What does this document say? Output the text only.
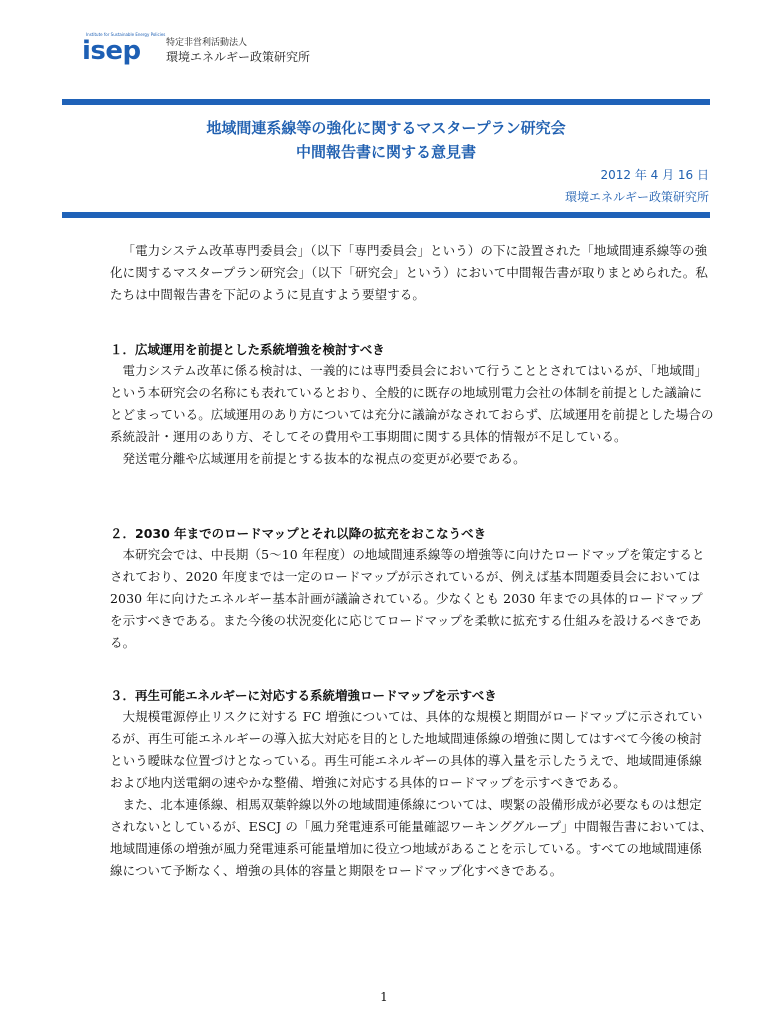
Institute for Sustainable Energy Policies
isep	特定非営利活動法人
環境エネルギー政策研究所
地域間連系線等の強化に関するマスタープラン研究会
中間報告書に関する意見書
2012 年 4 月 16 日
環境エネルギー政策研究所

「電力システム改革専門委員会」（以下「専門委員会」という）の下に設置された「地域間連系線等の強化に関するマスタープラン研究会」（以下「研究会」という）において中間報告書が取りまとめられた。私たちは中間報告書を下記のように見直すよう要望する。

１．広域運用を前提とした系統増強を検討すべき

電力システム改革に係る検討は、一義的には専門委員会において行うこととされてはいるが、「地域間」という本研究会の名称にも表れているとおり、全般的に既存の地域別電力会社の体制を前提とした議論にとどまっている。広域運用のあり方については充分に議論がなされておらず、広域運用を前提とした場合の系統設計・運用のあり方、そしてその費用や工事期間に関する具体的情報が不足している。

発送電分離や広域運用を前提とする抜本的な視点の変更が必要である。

２．2030 年までのロードマップとそれ以降の拡充をおこなうべき

本研究会では、中長期（5～10 年程度）の地域間連系線等の増強等に向けたロードマップを策定するとされており、2020 年度までは一定のロードマップが示されているが、例えば基本問題委員会においては 2030 年に向けたエネルギー基本計画が議論されている。少なくとも 2030 年までの具体的ロードマップを示すべきである。また今後の状況変化に応じてロードマップを柔軟に拡充する仕組みを設けるべきである。

３．再生可能エネルギーに対応する系統増強ロードマップを示すべき

大規模電源停止リスクに対する FC 増強については、具体的な規模と期間がロードマップに示されているが、再生可能エネルギーの導入拡大対応を目的とした地域間連係線の増強に関してはすべて今後の検討という曖昧な位置づけとなっている。再生可能エネルギーの具体的導入量を示したうえで、地域間連係線および地内送電網の速やかな整備、増強に対応する具体的ロードマップを示すべきである。

また、北本連係線、相馬双葉幹線以外の地域間連係線については、喫緊の設備形成が必要なものは想定されないとしているが、ESCJ の「風力発電連系可能量確認ワーキンググループ」中間報告書においては、地域間連係の増強が風力発電連系可能量増加に役立つ地域があることを示している。すべての地域間連係線について予断なく、増強の具体的容量と期限をロードマップ化すべきである。

1
